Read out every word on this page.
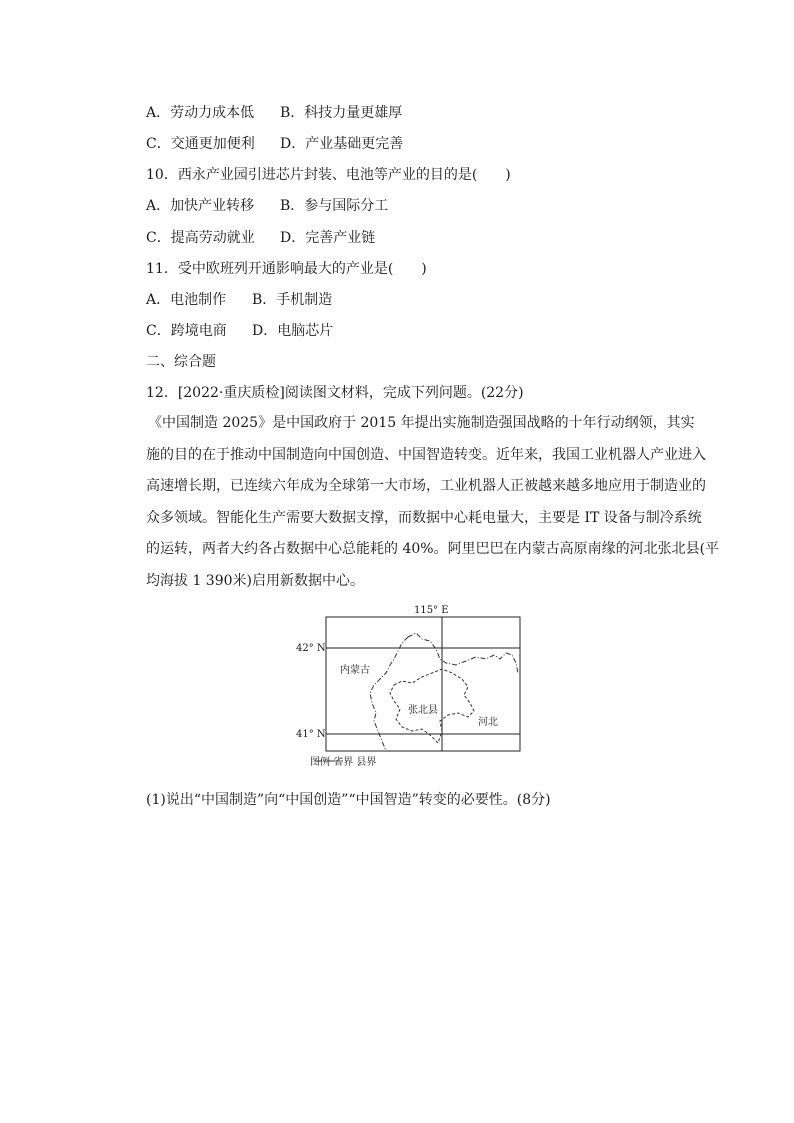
A．劳动力成本低 B．科技力量更雄厚
C．交通更加便利 D．产业基础更完善
10．西永产业园引进芯片封装、电池等产业的目的是(　　)
A．加快产业转移 B．参与国际分工
C．提高劳动就业 D．完善产业链
11．受中欧班列开通影响最大的产业是(　　)
A．电池制作 B．手机制造
C．跨境电商 D．电脑芯片
二、综合题
12．[2022·重庆质检]阅读图文材料，完成下列问题。(22分)
《中国制造 2025》是中国政府于 2015 年提出实施制造强国战略的十年行动纲领，其实
施的目的在于推动中国制造向中国创造、中国智造转变。近年来，我国工业机器人产业进入
高速增长期，已连续六年成为全球第一大市场，工业机器人正被越来越多地应用于制造业的
众多领域。智能化生产需要大数据支撑，而数据中心耗电量大，主要是 IT 设备与制冷系统
的运转，两者大约各占数据中心总能耗的 40%。阿里巴巴在内蒙古高原南缘的河北张北县(平
均海拔 1 390米)启用新数据中心。
115° E
42° N
41° N
内蒙古
张北县
河北
图例 省界 县界
(1)说出“中国制造”向“中国创造”“中国智造”转变的必要性。(8分)
